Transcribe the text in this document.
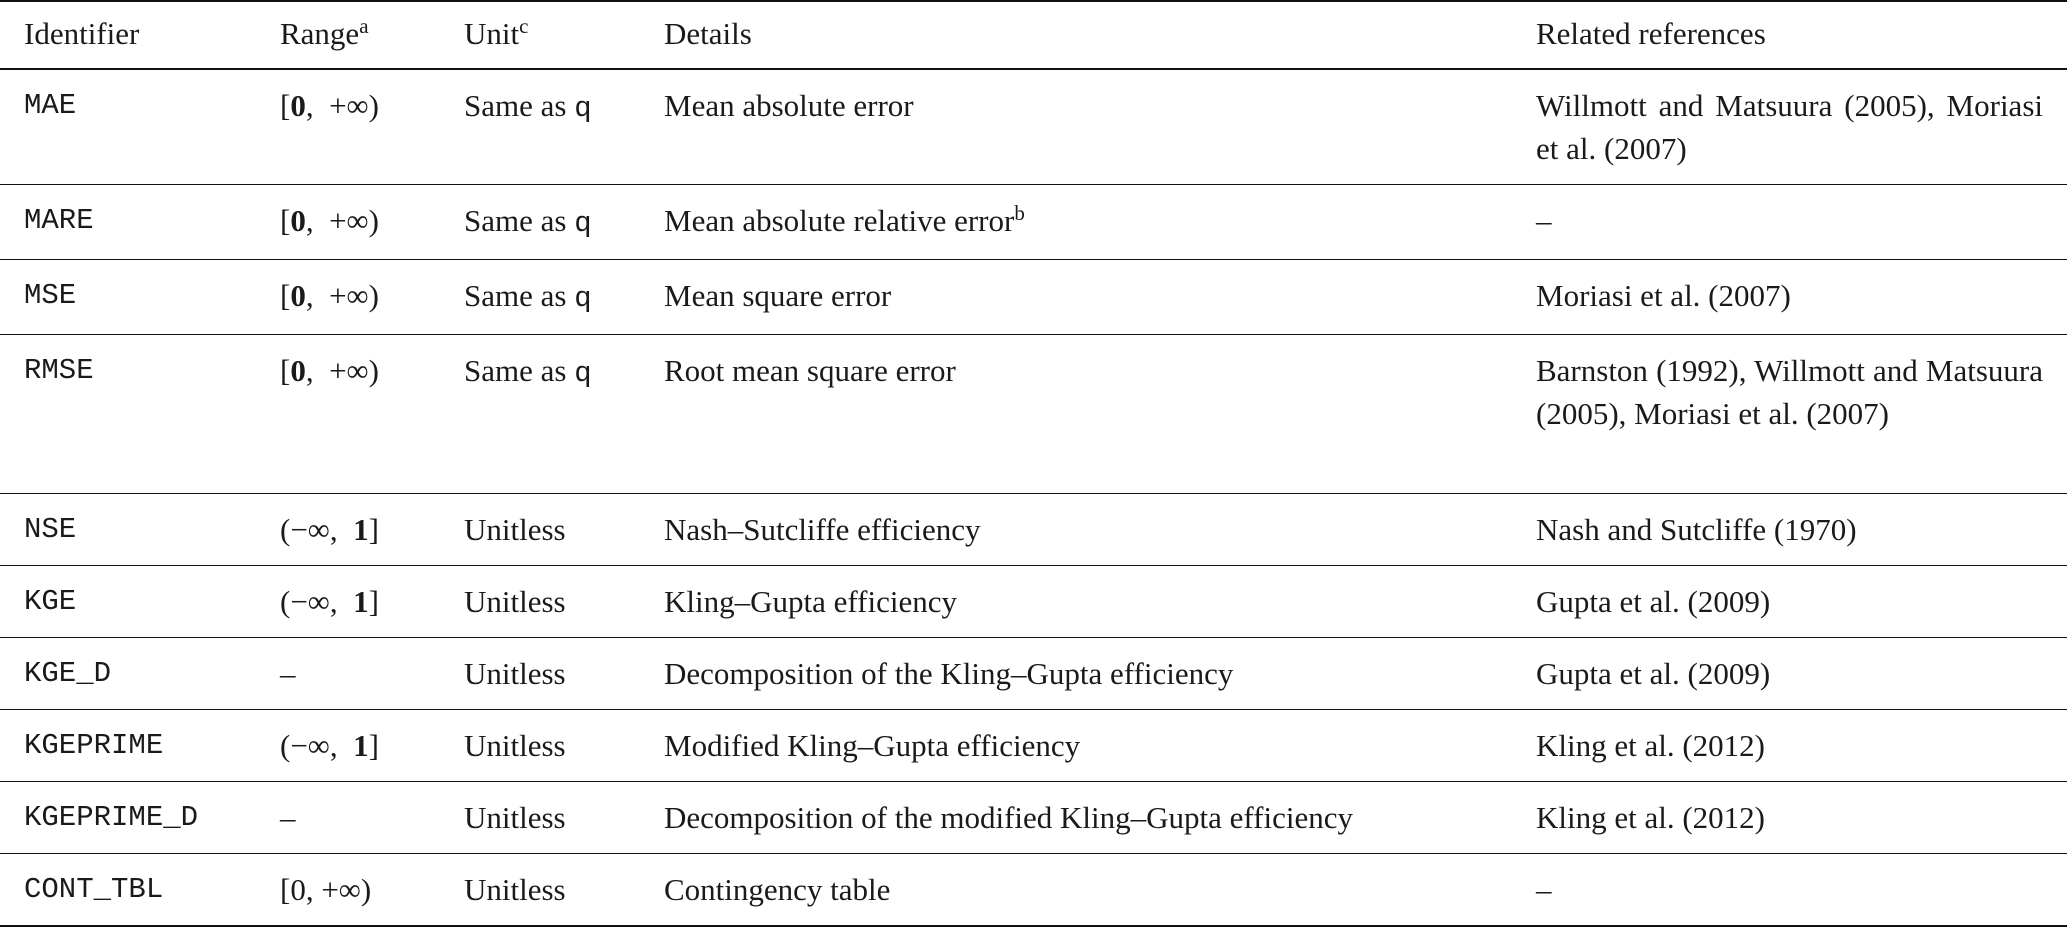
Identifier	Range$^a$	Unit$^c$	Details	Related references
MAE	[0,  +∞)	Same as q	Mean absolute error	Willmott and Matsuura (2005), Moriasi et al. (2007)
MARE	[0,  +∞)	Same as q	Mean absolute relative error$^b$	–
MSE	[0,  +∞)	Same as q	Mean square error	Moriasi et al. (2007)
RMSE	[0,  +∞)	Same as q	Root mean square error	Barnston (1992), Willmott and Matsuura (2005), Moriasi et al. (2007)
NSE	(−∞,  1]	Unitless	Nash–Sutcliffe efficiency	Nash and Sutcliffe (1970)
KGE	(−∞,  1]	Unitless	Kling–Gupta efficiency	Gupta et al. (2009)
KGE_D	–	Unitless	Decomposition of the Kling–Gupta efficiency	Gupta et al. (2009)
KGEPRIME	(−∞,  1]	Unitless	Modified Kling–Gupta efficiency	Kling et al. (2012)
KGEPRIME_D	–	Unitless	Decomposition of the modified Kling–Gupta efficiency	Kling et al. (2012)
CONT_TBL	[0, +∞)	Unitless	Contingency table	–
